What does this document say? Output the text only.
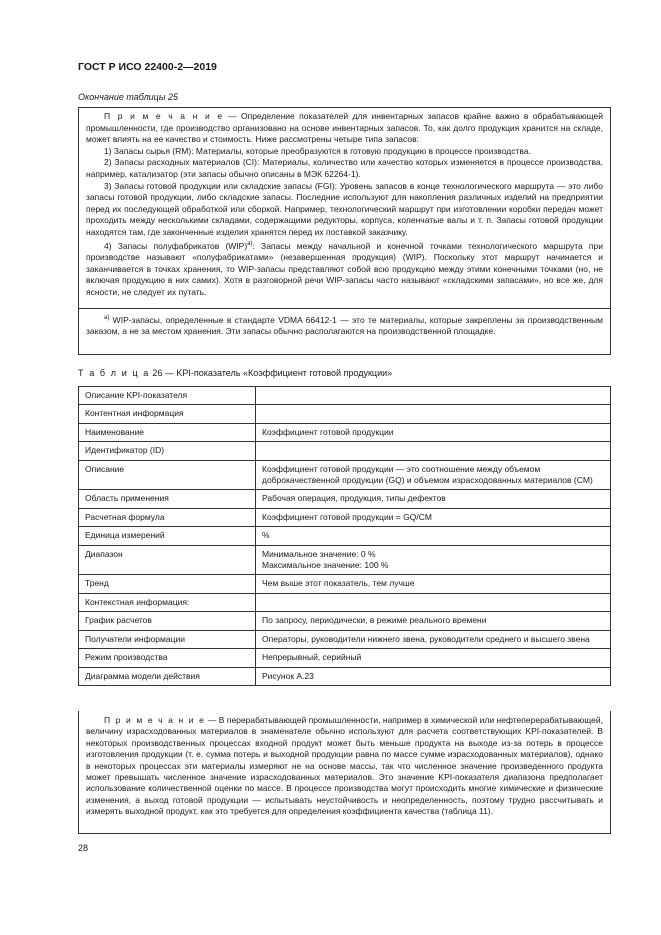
ГОСТ Р ИСО 22400-2—2019
Окончание таблицы 25

П р и м е ч а н и е — Определение показателей для инвентарных запасов крайне важно в обрабатывающей промышленности, где производство организовано на основе инвентарных запасов. То, как долго продукция хранится на складе, может влиять на ее качество и стоимость. Ниже рассмотрены четыре типа запасов:

1) Запасы сырья (RM): Материалы, которые преобразуются в готовую продукцию в процессе производства.

2) Запасы расходных материалов (CI): Материалы, количество или качество которых изменяется в процессе производства, например, катализатор (эти запасы обычно описаны в МЭК 62264-1).

3) Запасы готовой продукции или складские запасы (FGI): Уровень запасов в конце технологического маршрута — это либо запасы готовой продукции, либо складские запасы. Последние используют для накопления различных изделий на предприятии перед их последующей обработкой или сборкой. Например, технологический маршрут при изготовлении коробки передач может проходить между несколькими складами, содержащими редукторы, корпуса, коленчатые валы и т. п. Запасы готовой продукции находятся там, где законченные изделия хранятся перед их поставкой заказчику.

4) Запасы полуфабрикатов (WIP)$^{a)}$: Запасы между начальной и конечной точками технологического маршрута при производстве называют «полуфабрикатами» (незавершенная продукция) (WIP). Поскольку этот маршрут начинается и заканчивается в точках хранения, то WIP-запасы представляют собой всю продукцию между этими конечными точками (но, не включая продукцию в них самих). Хотя в разговорной речи WIP-запасы часто называют «складскими запасами», но все же, для ясности, не следует их путать.

$^{a)}$ WIP-запасы, определенные в стандарте VDMA 66412-1 — это те материалы, которые закреплены за производственным заказом, а не за местом хранения. Эти запасы обычно располагаются на производственной площадке.

Т а б л и ц а 26 — KPI-показатель «Коэффициент готовой продукции»
Описание KPI-показателя	
Контентная информация	
Наименование	Коэффициент готовой продукции
Идентификатор (ID)	
Описание	Коэффициент готовой продукции — это соотношение между объемом доброкачественной продукции (GQ) и объемом израсходованных материалов (CM)
Область применения	Рабочая операция, продукция, типы дефектов
Расчетная формула	Коэффициент готовой продукции = GQ/CM
Единица измерений	%
Диапазон	Минимальное значение: 0 %
Максимальное значение: 100 %
Тренд	Чем выше этот показатель, тем лучше
Контекстная информация:	
График расчетов	По запросу, периодически, в режиме реального времени
Получатели информации	Операторы, руководители нижнего звена, руководители среднего и высшего звена
Режим производства	Непрерывный, серийный
Диаграмма модели действия	Рисунок А.23

П р и м е ч а н и е — В перерабатывающей промышленности, например в химической или нефтеперерабатывающей, величину израсходованных материалов в знаменателе обычно используют для расчета соответствующих KPI-показателей. В некоторых производственных процессах входной продукт может быть меньше продукта на выходе из-за потерь в процессе изготовления продукции (т. е. сумма потерь и выходной продукции равна по массе сумме израсходованных материалов), однако в некоторых процессах эти материалы измеряют не на основе массы, так что численное значение произведенного продукта может превышать численное значение израсходованных материалов. Это значение KPI-показателя диапазона предполагает использование количественной оценки по массе. В процессе производства могут происходить многие химические и физические изменения, а выход готовой продукции — испытывать неустойчивость и неопределенность, поэтому трудно рассчитывать и измерять выходной продукт, как это требуется для определения коэффициента качества (таблица 11).

28
